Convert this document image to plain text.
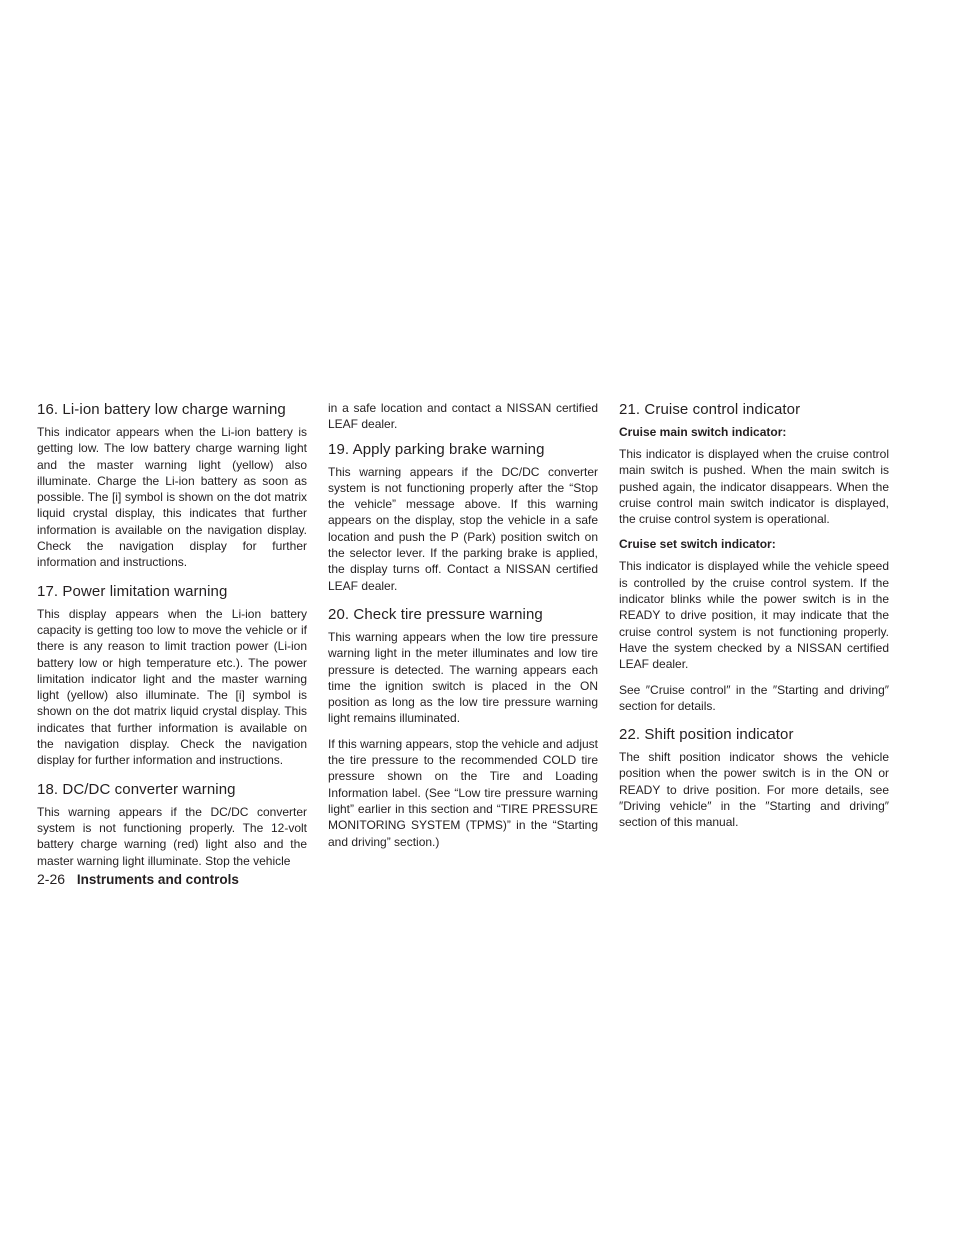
16. Li-ion battery low charge warning

This indicator appears when the Li-ion battery is getting low. The low battery charge warning light and the master warning light (yellow) also illuminate. Charge the Li-ion battery as soon as possible. The [i] symbol is shown on the dot matrix liquid crystal display, this indicates that further information is available on the navigation display. Check the navigation display for further information and instructions.

17. Power limitation warning

This display appears when the Li-ion battery capacity is getting too low to move the vehicle or if there is any reason to limit traction power (Li-ion battery low or high temperature etc.). The power limitation indicator light and the master warning light (yellow) also illuminate. The [i] symbol is shown on the dot matrix liquid crystal display. This indicates that further information is available on the navigation display. Check the navigation display for further information and instructions.

18. DC/DC converter warning

This warning appears if the DC/DC converter system is not functioning properly. The 12-volt battery charge warning (red) light also and the master warning light illuminate. Stop the vehicle

in a safe location and contact a NISSAN certified LEAF dealer.

19. Apply parking brake warning

This warning appears if the DC/DC converter system is not functioning properly after the “Stop the vehicle” message above. If this warning appears on the display, stop the vehicle in a safe location and push the P (Park) position switch on the selector lever. If the parking brake is applied, the display turns off. Contact a NISSAN certified LEAF dealer.

20. Check tire pressure warning

This warning appears when the low tire pressure warning light in the meter illuminates and low tire pressure is detected. The warning appears each time the ignition switch is placed in the ON position as long as the low tire pressure warning light remains illuminated.

If this warning appears, stop the vehicle and adjust the tire pressure to the recommended COLD tire pressure shown on the Tire and Loading Information label. (See “Low tire pressure warning light” earlier in this section and “TIRE PRESSURE MONITORING SYSTEM (TPMS)” in the “Starting and driving” section.)

21. Cruise control indicator
Cruise main switch indicator:

This indicator is displayed when the cruise control main switch is pushed. When the main switch is pushed again, the indicator disappears. When the cruise control main switch indicator is displayed, the cruise control system is operational.

Cruise set switch indicator:

This indicator is displayed while the vehicle speed is controlled by the cruise control system. If the indicator blinks while the power switch is in the READY to drive position, it may indicate that the cruise control system is not functioning properly. Have the system checked by a NISSAN certified LEAF dealer.

See ″Cruise control″ in the ″Starting and driving″ section for details.

22. Shift position indicator

The shift position indicator shows the vehicle position when the power switch is in the ON or READY to drive position. For more details, see ″Driving vehicle″ in the ″Starting and driving″ section of this manual.

2-26 Instruments and controls
